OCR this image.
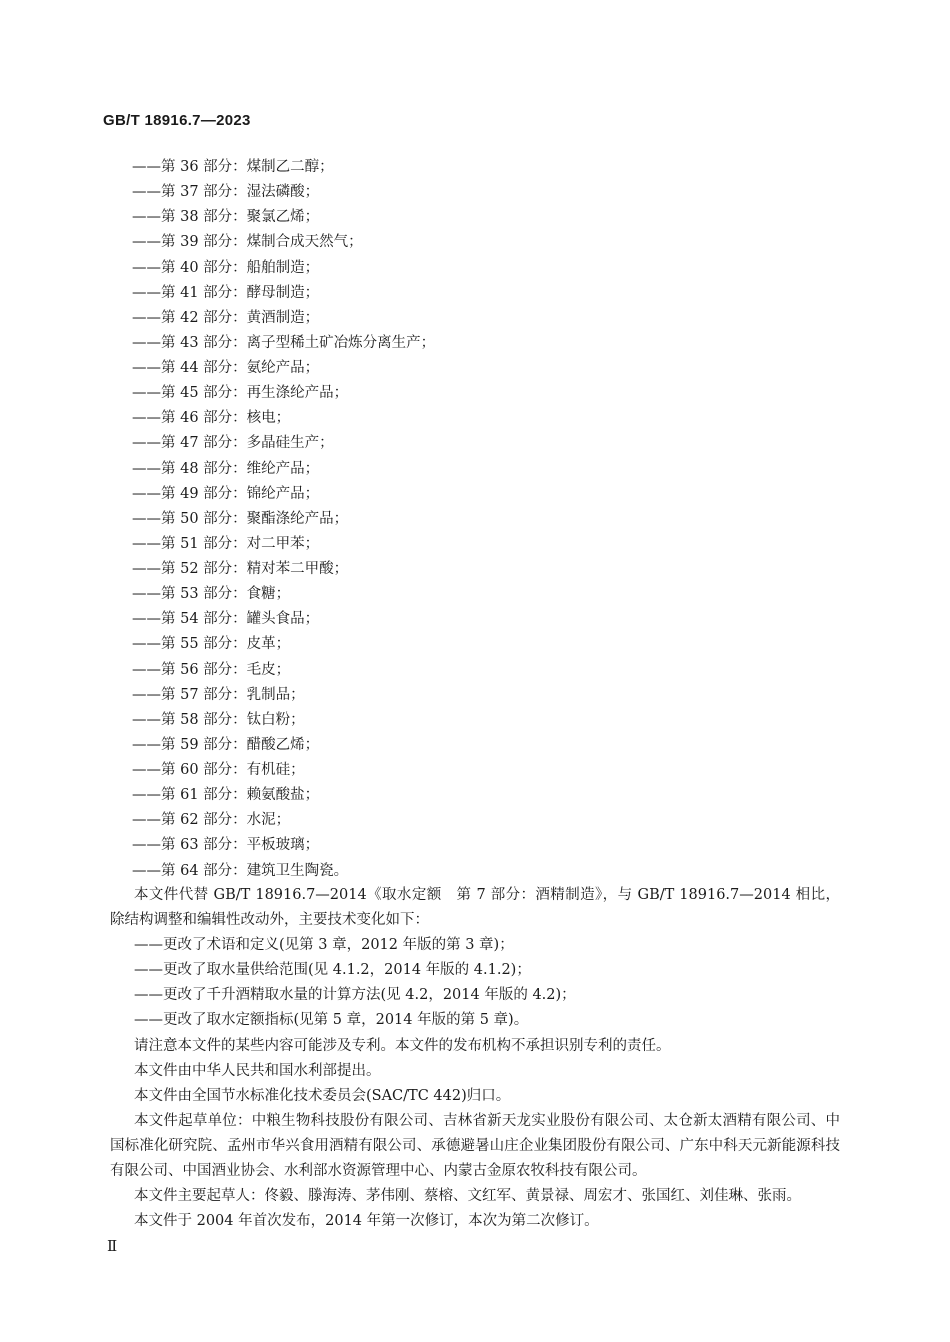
GB/T 18916.7—2023
——第 36 部分：煤制乙二醇；
——第 37 部分：湿法磷酸；
——第 38 部分：聚氯乙烯；
——第 39 部分：煤制合成天然气；
——第 40 部分：船舶制造；
——第 41 部分：酵母制造；
——第 42 部分：黄酒制造；
——第 43 部分：离子型稀土矿冶炼分离生产；
——第 44 部分：氨纶产品；
——第 45 部分：再生涤纶产品；
——第 46 部分：核电；
——第 47 部分：多晶硅生产；
——第 48 部分：维纶产品；
——第 49 部分：锦纶产品；
——第 50 部分：聚酯涤纶产品；
——第 51 部分：对二甲苯；
——第 52 部分：精对苯二甲酸；
——第 53 部分：食糖；
——第 54 部分：罐头食品；
——第 55 部分：皮革；
——第 56 部分：毛皮；
——第 57 部分：乳制品；
——第 58 部分：钛白粉；
——第 59 部分：醋酸乙烯；
——第 60 部分：有机硅；
——第 61 部分：赖氨酸盐；
——第 62 部分：水泥；
——第 63 部分：平板玻璃；
——第 64 部分：建筑卫生陶瓷。

本文件代替 GB/T 18916.7—2014《取水定额　第 7 部分：酒精制造》，与 GB/T 18916.7—2014 相比，除结构调整和编辑性改动外，主要技术变化如下：

——更改了术语和定义(见第 3 章，2012 年版的第 3 章)；
——更改了取水量供给范围(见 4.1.2，2014 年版的 4.1.2)；
——更改了千升酒精取水量的计算方法(见 4.2，2014 年版的 4.2)；
——更改了取水定额指标(见第 5 章，2014 年版的第 5 章)。

请注意本文件的某些内容可能涉及专利。本文件的发布机构不承担识别专利的责任。

本文件由中华人民共和国水利部提出。

本文件由全国节水标准化技术委员会(SAC/TC 442)归口。

本文件起草单位：中粮生物科技股份有限公司、吉林省新天龙实业股份有限公司、太仓新太酒精有限公司、中国标准化研究院、孟州市华兴食用酒精有限公司、承德避暑山庄企业集团股份有限公司、广东中科天元新能源科技有限公司、中国酒业协会、水利部水资源管理中心、内蒙古金原农牧科技有限公司。

本文件主要起草人：佟毅、滕海涛、茅伟刚、蔡榕、文红军、黄景禄、周宏才、张国红、刘佳琳、张雨。

本文件于 2004 年首次发布，2014 年第一次修订，本次为第二次修订。

Ⅱ
